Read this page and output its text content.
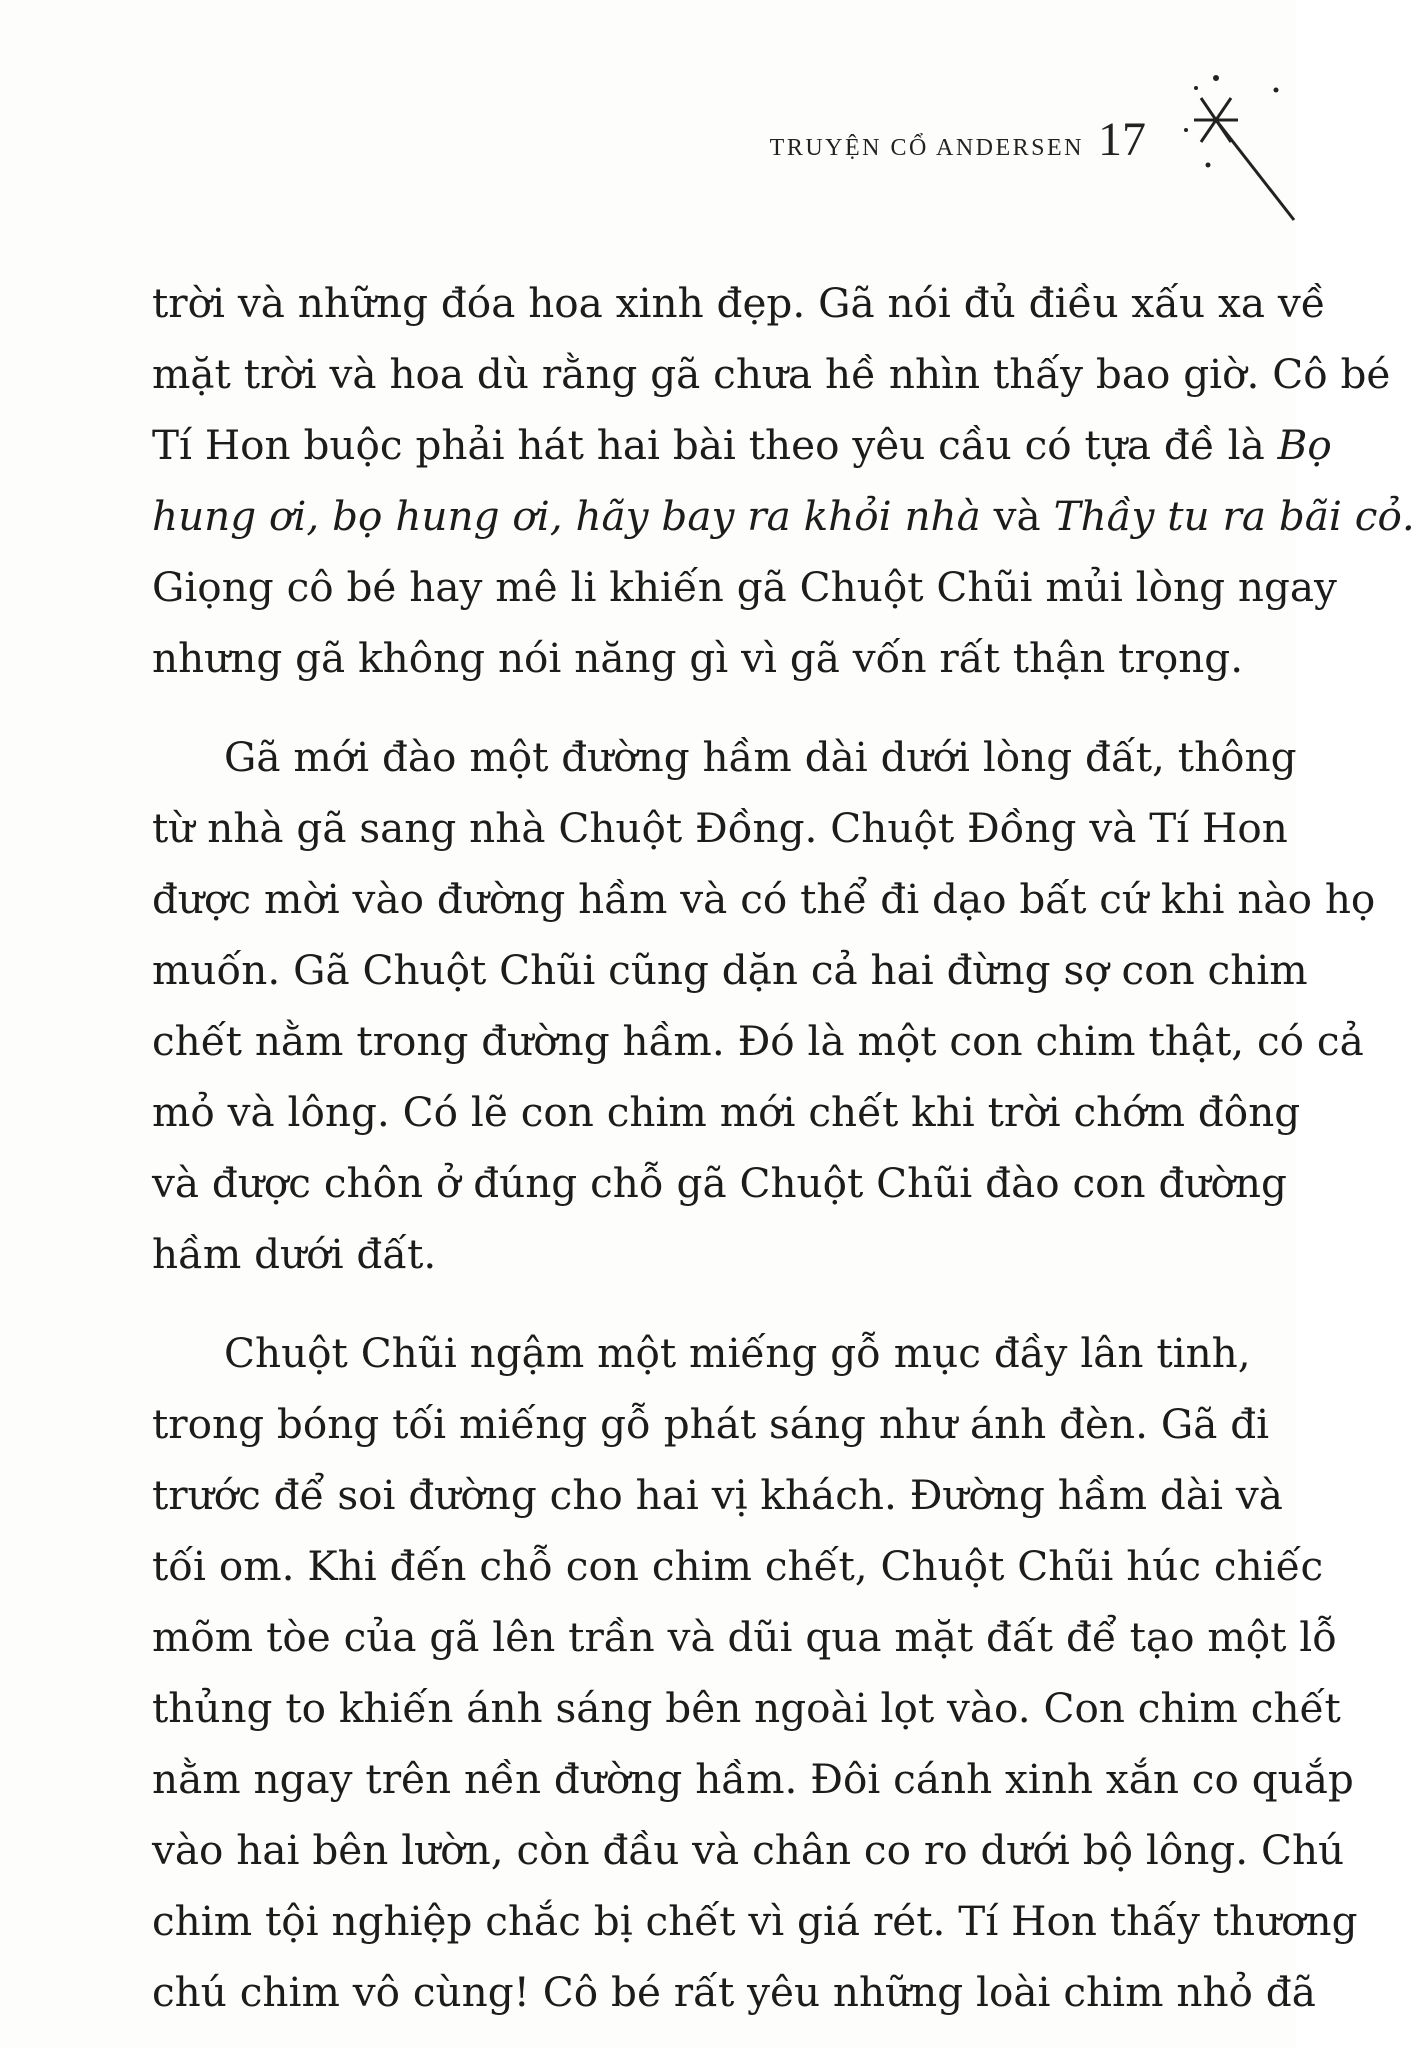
TRUYỆN CỔ ANDERSEN 17

trời và những đóa hoa xinh đẹp. Gã nói đủ điều xấu xa về
mặt trời và hoa dù rằng gã chưa hề nhìn thấy bao giờ. Cô bé
Tí Hon buộc phải hát hai bài theo yêu cầu có tựa đề là Bọ
hung ơi, bọ hung ơi, hãy bay ra khỏi nhà và Thầy tu ra bãi cỏ.
Giọng cô bé hay mê li khiến gã Chuột Chũi mủi lòng ngay
nhưng gã không nói năng gì vì gã vốn rất thận trọng.

Gã mới đào một đường hầm dài dưới lòng đất, thông
từ nhà gã sang nhà Chuột Đồng. Chuột Đồng và Tí Hon
được mời vào đường hầm và có thể đi dạo bất cứ khi nào họ
muốn. Gã Chuột Chũi cũng dặn cả hai đừng sợ con chim
chết nằm trong đường hầm. Đó là một con chim thật, có cả
mỏ và lông. Có lẽ con chim mới chết khi trời chớm đông
và được chôn ở đúng chỗ gã Chuột Chũi đào con đường
hầm dưới đất.

Chuột Chũi ngậm một miếng gỗ mục đầy lân tinh,
trong bóng tối miếng gỗ phát sáng như ánh đèn. Gã đi
trước để soi đường cho hai vị khách. Đường hầm dài và
tối om. Khi đến chỗ con chim chết, Chuột Chũi húc chiếc
mõm tòe của gã lên trần và dũi qua mặt đất để tạo một lỗ
thủng to khiến ánh sáng bên ngoài lọt vào. Con chim chết
nằm ngay trên nền đường hầm. Đôi cánh xinh xắn co quắp
vào hai bên lườn, còn đầu và chân co ro dưới bộ lông. Chú
chim tội nghiệp chắc bị chết vì giá rét. Tí Hon thấy thương
chú chim vô cùng! Cô bé rất yêu những loài chim nhỏ đã
